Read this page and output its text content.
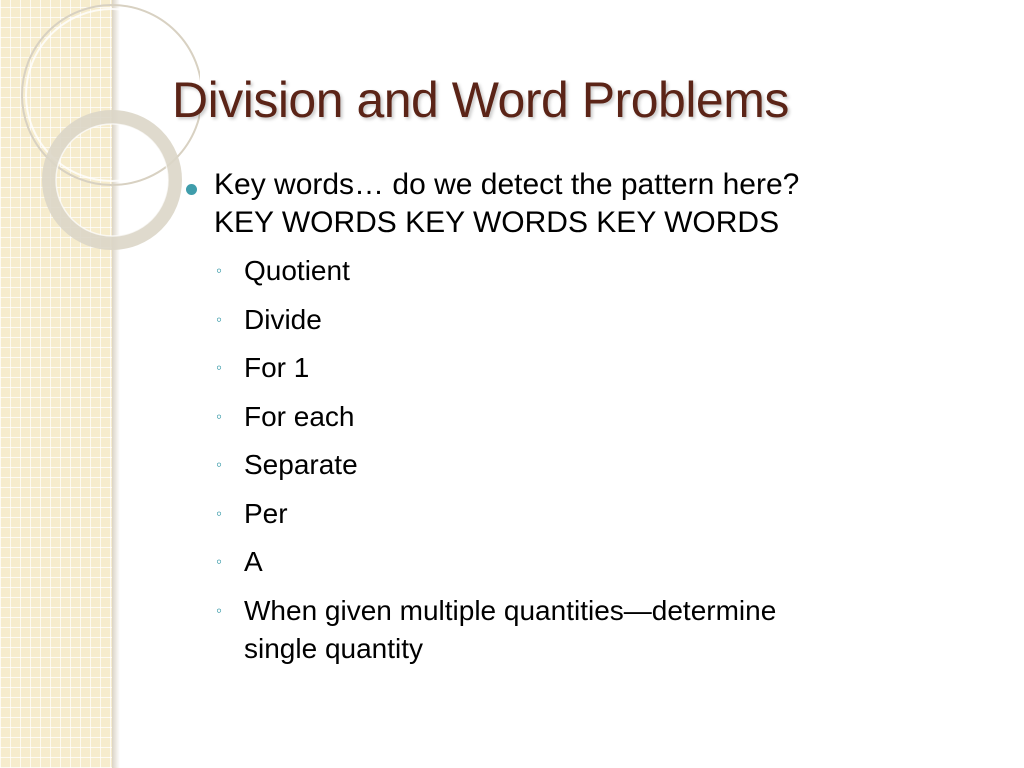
Division and Word Problems
Key words… do we detect the pattern here?
KEY WORDS KEY WORDS KEY WORDS
◦ Quotient
◦ Divide
◦ For 1
◦ For each
◦ Separate
◦ Per
◦ A
◦ When given multiple quantities—determine
single quantity
